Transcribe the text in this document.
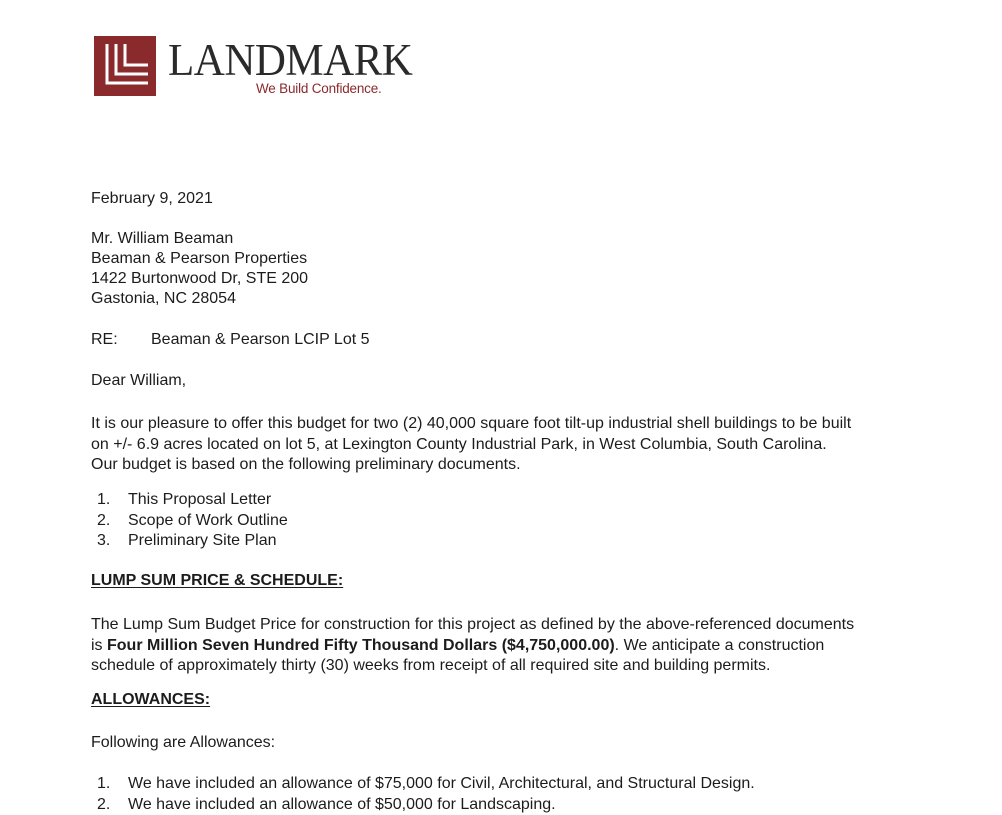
LANDMARK
We Build Confidence.
February 9, 2021
Mr. William Beaman
Beaman & Pearson Properties
1422 Burtonwood Dr, STE 200
Gastonia, NC 28054
RE: Beaman & Pearson LCIP Lot 5
Dear William,
It is our pleasure to offer this budget for two (2) 40,000 square foot tilt-up industrial shell buildings to be built
on +/- 6.9 acres located on lot 5, at Lexington County Industrial Park, in West Columbia, South Carolina.
Our budget is based on the following preliminary documents.
1. This Proposal Letter
2. Scope of Work Outline
3. Preliminary Site Plan
LUMP SUM PRICE & SCHEDULE:
The Lump Sum Budget Price for construction for this project as defined by the above-referenced documents
is Four Million Seven Hundred Fifty Thousand Dollars ($4,750,000.00). We anticipate a construction
schedule of approximately thirty (30) weeks from receipt of all required site and building permits.
ALLOWANCES:
Following are Allowances:
1. We have included an allowance of $75,000 for Civil, Architectural, and Structural Design.
2. We have included an allowance of $50,000 for Landscaping.
